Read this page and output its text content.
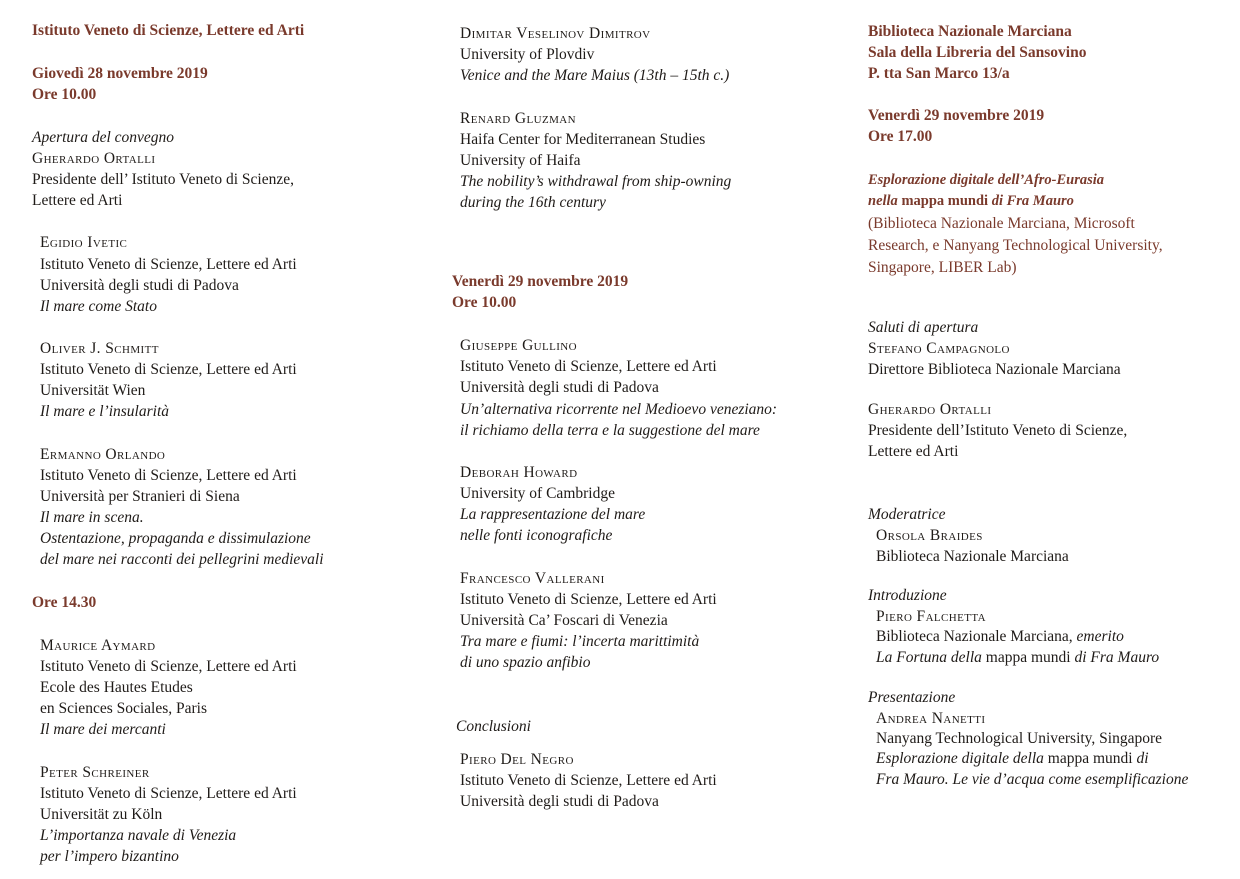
Istituto Veneto di Scienze, Lettere ed Arti
Giovedì 28 novembre 2019
Ore 10.00
Apertura del convegno
Gherardo Ortalli
Presidente dell’ Istituto Veneto di Scienze,
Lettere ed Arti
Egidio Ivetic
Istituto Veneto di Scienze, Lettere ed Arti
Università degli studi di Padova
Il mare come Stato
Oliver J. Schmitt
Istituto Veneto di Scienze, Lettere ed Arti
Universität Wien
Il mare e l’insularità
Ermanno Orlando
Istituto Veneto di Scienze, Lettere ed Arti
Università per Stranieri di Siena
Il mare in scena.
Ostentazione, propaganda e dissimulazione
del mare nei racconti dei pellegrini medievali
Ore 14.30
Maurice Aymard
Istituto Veneto di Scienze, Lettere ed Arti
Ecole des Hautes Etudes
en Sciences Sociales, Paris
Il mare dei mercanti
Peter Schreiner
Istituto Veneto di Scienze, Lettere ed Arti
Universität zu Köln
L’importanza navale di Venezia
per l’impero bizantino
Dimitar Veselinov Dimitrov
University of Plovdiv
Venice and the Mare Maius (13th – 15th c.)
Renard Gluzman
Haifa Center for Mediterranean Studies
University of Haifa
The nobility’s withdrawal from ship-owning
during the 16th century
Venerdì 29 novembre 2019
Ore 10.00
Giuseppe Gullino
Istituto Veneto di Scienze, Lettere ed Arti
Università degli studi di Padova
Un’alternativa ricorrente nel Medioevo veneziano:
il richiamo della terra e la suggestione del mare
Deborah Howard
University of Cambridge
La rappresentazione del mare
nelle fonti iconografiche
Francesco Vallerani
Istituto Veneto di Scienze, Lettere ed Arti
Università Ca’ Foscari di Venezia
Tra mare e fiumi: l’incerta marittimità
di uno spazio anfibio
Conclusioni
Piero Del Negro
Istituto Veneto di Scienze, Lettere ed Arti
Università degli studi di Padova
Biblioteca Nazionale Marciana
Sala della Libreria del Sansovino
P. tta San Marco 13/a
Venerdì 29 novembre 2019
Ore 17.00
Esplorazione digitale dell’Afro-Eurasia
nella mappa mundi di Fra Mauro
(Biblioteca Nazionale Marciana, Microsoft
Research, e Nanyang Technological University,
Singapore, LIBER Lab)
Saluti di apertura
Stefano Campagnolo
Direttore Biblioteca Nazionale Marciana
Gherardo Ortalli
Presidente dell’Istituto Veneto di Scienze,
Lettere ed Arti
Moderatrice
Orsola Braides
Biblioteca Nazionale Marciana
Introduzione
Piero Falchetta
Biblioteca Nazionale Marciana, emerito
La Fortuna della mappa mundi di Fra Mauro
Presentazione
Andrea Nanetti
Nanyang Technological University, Singapore
Esplorazione digitale della mappa mundi di
Fra Mauro. Le vie d’acqua come esemplificazione
